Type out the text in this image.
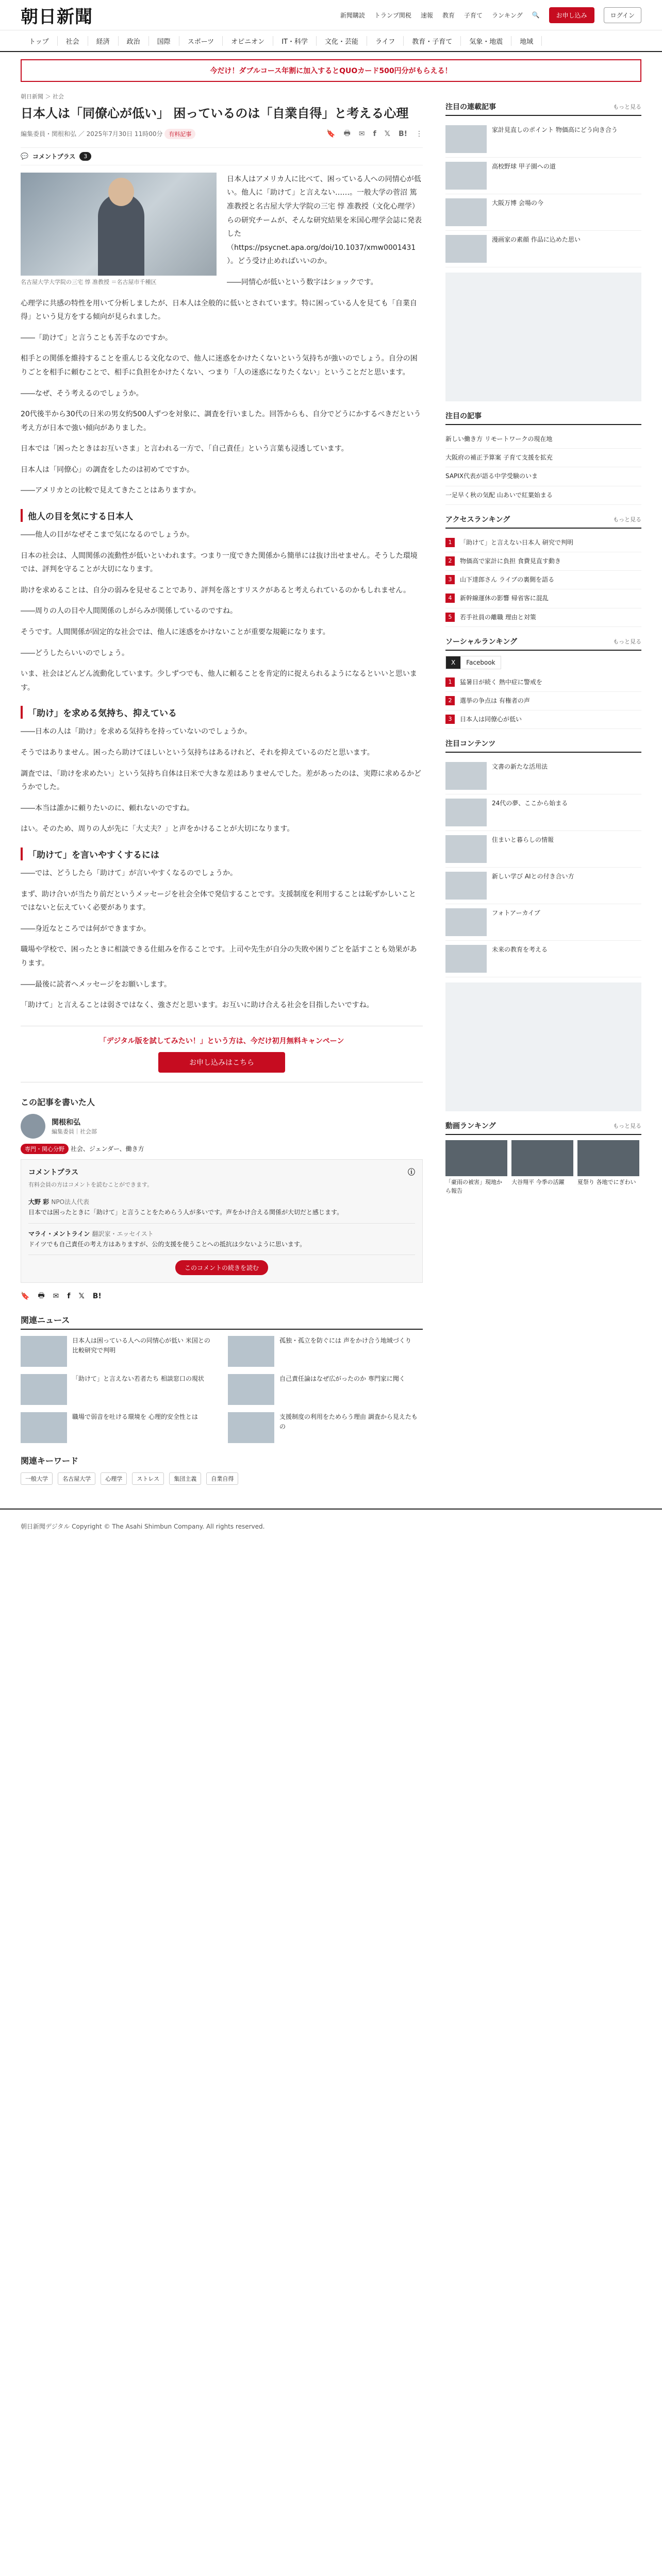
朝日新聞	新聞購読 トランプ関税 速報 教育 子育て ランキング 🔍	お申し込み	ログイン
トップ	社会	経済	政治	国際	スポーツ	オピニオン	IT・科学	文化・芸能	ライフ	教育・子育て	気象・地震	地域
今だけ！ダブルコース年割に加入するとQUOカード500円分がもらえる！
朝日新聞 ＞ 社会
日本人は「同僚心が低い」 困っているのは「自業自得」と考える心理
編集委員・関根和弘 ／ 2025年7月30日 11時00分 有料記事	🔖 🖶 ✉ f 𝕏 B! ⋮
💬 コメントプラス	3
名古屋大学大学院の三宅 惇 准教授 ＝名古屋市千種区

日本人はアメリカ人に比べて、困っている人への同情心が低い。他人に「助けて」と言えない……。一般大学の菅沼 篤 准教授と名古屋大学大学院の三宅 惇 准教授（文化心理学）らの研究チームが、そんな研究結果を米国心理学会誌に発表した（https://psycnet.apa.org/doi/10.1037/xmw0001431 ）。どう受け止めればいいのか。

――同情心が低いという数字はショックです。

心理学に共感の特性を用いて分析しましたが、日本人は全般的に低いとされています。特に困っている人を見ても「自業自得」という見方をする傾向が見られました。

――「助けて」と言うことも苦手なのですか。

相手との関係を維持することを重んじる文化なので、他人に迷惑をかけたくないという気持ちが強いのでしょう。自分の困りごとを相手に頼むことで、相手に負担をかけたくない、つまり「人の迷惑になりたくない」ということだと思います。

――なぜ、そう考えるのでしょうか。

20代後半から30代の日米の男女約500人ずつを対象に、調査を行いました。回答からも、自分でどうにかするべきだという考え方が日本で強い傾向がありました。

日本では「困ったときはお互いさま」と言われる一方で、「自己責任」という言葉も浸透しています。

日本人は「同僚心」の調査をしたのは初めてですか。

――アメリカとの比較で見えてきたことはありますか。

他人の目を気にする日本人

――他人の目がなぜそこまで気になるのでしょうか。

日本の社会は、人間関係の流動性が低いといわれます。つまり一度できた関係から簡単には抜け出せません。そうした環境では、評判を守ることが大切になります。

助けを求めることは、自分の弱みを見せることであり、評判を落とすリスクがあると考えられているのかもしれません。

――周りの人の目や人間関係のしがらみが関係しているのですね。

そうです。人間関係が固定的な社会では、他人に迷惑をかけないことが重要な規範になります。

――どうしたらいいのでしょう。

いま、社会はどんどん流動化しています。少しずつでも、他人に頼ることを肯定的に捉えられるようになるといいと思います。

「助け」を求める気持ち、抑えている

――日本の人は「助け」を求める気持ちを持っていないのでしょうか。

そうではありません。困ったら助けてほしいという気持ちはあるけれど、それを抑えているのだと思います。

調査では、「助けを求めたい」という気持ち自体は日米で大きな差はありませんでした。差があったのは、実際に求めるかどうかでした。

――本当は誰かに頼りたいのに、頼れないのですね。

はい。そのため、周りの人が先に「大丈夫？」と声をかけることが大切になります。

「助けて」を言いやすくするには

――では、どうしたら「助けて」が言いやすくなるのでしょうか。

まず、助け合いが当たり前だというメッセージを社会全体で発信することです。支援制度を利用することは恥ずかしいことではないと伝えていく必要があります。

――身近なところでは何ができますか。

職場や学校で、困ったときに相談できる仕組みを作ることです。上司や先生が自分の失敗や困りごとを話すことも効果があります。

――最後に読者へメッセージをお願いします。

「助けて」と言えることは弱さではなく、強さだと思います。お互いに助け合える社会を目指したいですね。

「デジタル版を試してみたい！」という方は、今だけ初月無料キャンペーン
お申し込みはこちら
この記事を書いた人
関根和弘
編集委員｜社会部
専門・関心分野 社会、ジェンダー、働き方
コメントプラス	ⓘ
有料会員の方はコメントを読むことができます。
大野 彩 NPO法人代表
日本では困ったときに「助けて」と言うことをためらう人が多いです。声をかけ合える関係が大切だと感じます。
マライ・メントライン 翻訳家・エッセイスト
ドイツでも自己責任の考え方はありますが、公的支援を使うことへの抵抗は少ないように思います。
このコメントの続きを読む
🔖 🖶 ✉ f 𝕏 B!
関連ニュース
日本人は困っている人への同情心が低い 米国との比較研究で判明
孤独・孤立を防ぐには 声をかけ合う地域づくり
「助けて」と言えない若者たち 相談窓口の現状	自己責任論はなぜ広がったのか 専門家に聞く
職場で弱音を吐ける環境を 心理的安全性とは	支援制度の利用をためらう理由 調査から見えたもの
関連キーワード
一般大学	名古屋大学	心理学	ストレス	集団主義	自業自得
注目の連載記事	もっと見る
家計見直しのポイント 物価高にどう向き合う
高校野球 甲子園への道
大阪万博 会場の今
漫画家の素顔 作品に込めた思い
注目の記事
新しい働き方 リモートワークの現在地
大阪府の補正予算案 子育て支援を拡充
SAPIX代表が語る中学受験のいま
一足早く秋の気配 山あいで紅葉始まる
アクセスランキング	もっと見る
1	「助けて」と言えない日本人 研究で判明
2	物価高で家計に負担 食費見直す動き
3	山下達郎さん ライブの裏側を語る
4	新幹線運休の影響 帰省客に混乱
5	若手社員の離職 理由と対策
ソーシャルランキング	もっと見る
X	Facebook
1	猛暑日が続く 熱中症に警戒を
2	選挙の争点は 有権者の声
3	日本人は同僚心が低い
注目コンテンツ
文書の新たな活用法
24代の夢、ここから始まる
住まいと暮らしの情報
新しい学び AIとの付き合い方
フォトアーカイブ
未来の教育を考える
動画ランキング	もっと見る
「豪雨の被害」現地から報告
大谷翔平 今季の活躍	夏祭り 各地でにぎわい
朝日新聞デジタル Copyright © The Asahi Shimbun Company. All rights reserved.
